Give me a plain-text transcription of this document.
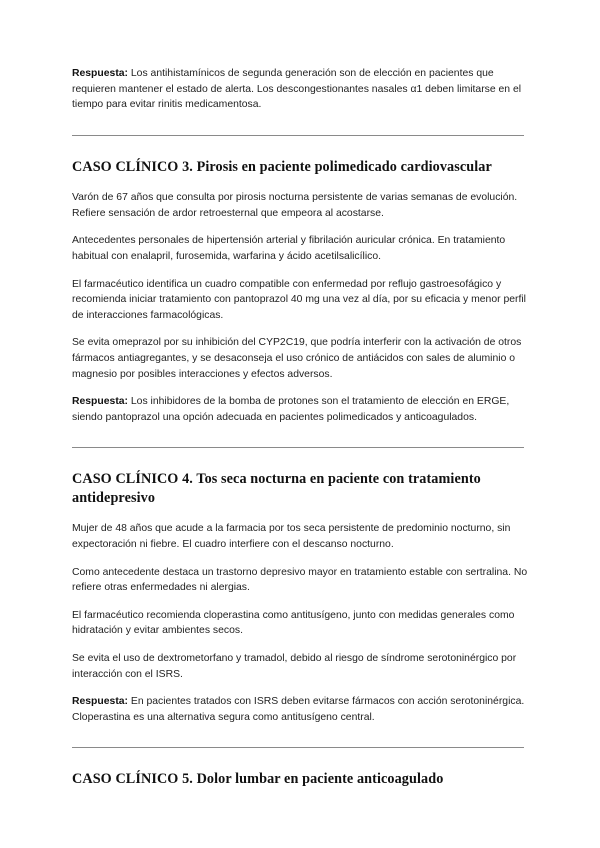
Respuesta: Los antihistamínicos de segunda generación son de elección en pacientes que requieren mantener el estado de alerta. Los descongestionantes nasales α1 deben limitarse en el tiempo para evitar rinitis medicamentosa.

CASO CLÍNICO 3. Pirosis en paciente polimedicado cardiovascular

Varón de 67 años que consulta por pirosis nocturna persistente de varias semanas de evolución. Refiere sensación de ardor retroesternal que empeora al acostarse.

Antecedentes personales de hipertensión arterial y fibrilación auricular crónica. En tratamiento habitual con enalapril, furosemida, warfarina y ácido acetilsalicílico.

El farmacéutico identifica un cuadro compatible con enfermedad por reflujo gastroesofágico y recomienda iniciar tratamiento con pantoprazol 40 mg una vez al día, por su eficacia y menor perfil de interacciones farmacológicas.

Se evita omeprazol por su inhibición del CYP2C19, que podría interferir con la activación de otros fármacos antiagregantes, y se desaconseja el uso crónico de antiácidos con sales de aluminio o magnesio por posibles interacciones y efectos adversos.

Respuesta: Los inhibidores de la bomba de protones son el tratamiento de elección en ERGE, siendo pantoprazol una opción adecuada en pacientes polimedicados y anticoagulados.

CASO CLÍNICO 4. Tos seca nocturna en paciente con tratamiento antidepresivo

Mujer de 48 años que acude a la farmacia por tos seca persistente de predominio nocturno, sin expectoración ni fiebre. El cuadro interfiere con el descanso nocturno.

Como antecedente destaca un trastorno depresivo mayor en tratamiento estable con sertralina. No refiere otras enfermedades ni alergias.

El farmacéutico recomienda cloperastina como antitusígeno, junto con medidas generales como hidratación y evitar ambientes secos.

Se evita el uso de dextrometorfano y tramadol, debido al riesgo de síndrome serotoninérgico por interacción con el ISRS.

Respuesta: En pacientes tratados con ISRS deben evitarse fármacos con acción serotoninérgica. Cloperastina es una alternativa segura como antitusígeno central.

CASO CLÍNICO 5. Dolor lumbar en paciente anticoagulado
